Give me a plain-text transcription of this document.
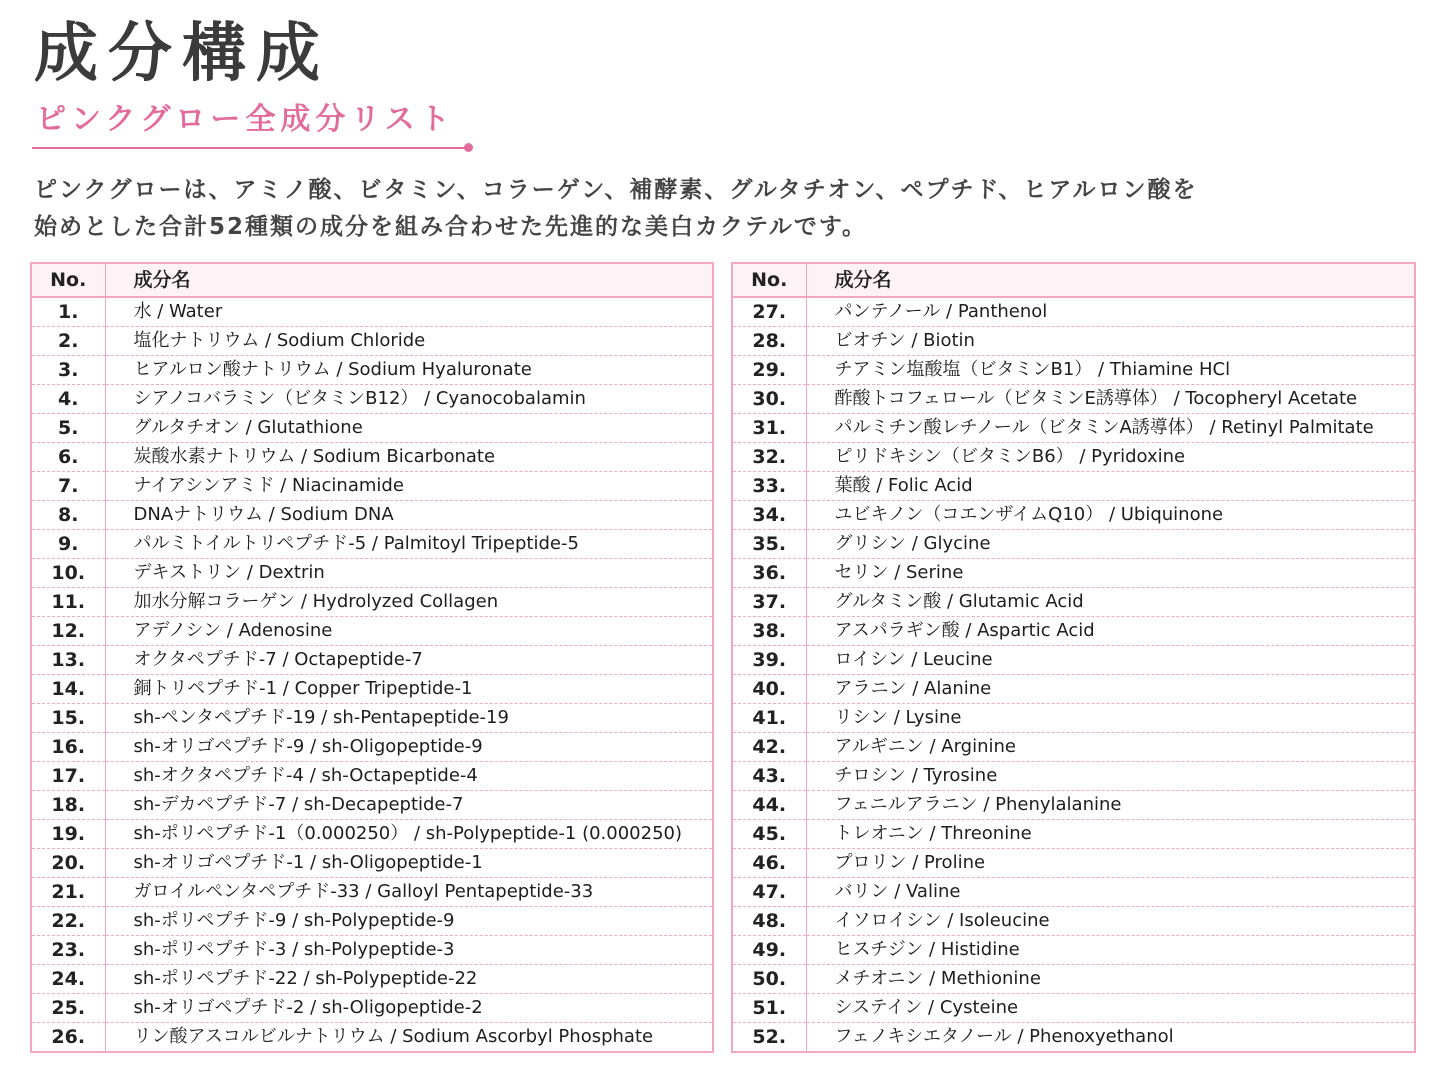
成分構成
ピンクグロー全成分リスト
ピンクグローは、アミノ酸、ビタミン、コラーゲン、補酵素、グルタチオン、ペプチド、ヒアルロン酸を
始めとした合計52種類の成分を組み合わせた先進的な美白カクテルです。
No.	成分名
1.	水 / Water
2.	塩化ナトリウム / Sodium Chloride
3.	ヒアルロン酸ナトリウム / Sodium Hyaluronate
4.	シアノコバラミン（ビタミンB12） / Cyanocobalamin
5.	グルタチオン / Glutathione
6.	炭酸水素ナトリウム / Sodium Bicarbonate
7.	ナイアシンアミド / Niacinamide
8.	DNAナトリウム / Sodium DNA
9.	パルミトイルトリペプチド-5 / Palmitoyl Tripeptide-5
10.	デキストリン / Dextrin
11.	加水分解コラーゲン / Hydrolyzed Collagen
12.	アデノシン / Adenosine
13.	オクタペプチド-7 / Octapeptide-7
14.	銅トリペプチド-1 / Copper Tripeptide-1
15.	sh-ペンタペプチド-19 / sh-Pentapeptide-19
16.	sh-オリゴペプチド-9 / sh-Oligopeptide-9
17.	sh-オクタペプチド-4 / sh-Octapeptide-4
18.	sh-デカペプチド-7 / sh-Decapeptide-7
19.	sh-ポリペプチド-1（0.000250） / sh-Polypeptide-1 (0.000250)
20.	sh-オリゴペプチド-1 / sh-Oligopeptide-1
21.	ガロイルペンタペプチド-33 / Galloyl Pentapeptide-33
22.	sh-ポリペプチド-9 / sh-Polypeptide-9
23.	sh-ポリペプチド-3 / sh-Polypeptide-3
24.	sh-ポリペプチド-22 / sh-Polypeptide-22
25.	sh-オリゴペプチド-2 / sh-Oligopeptide-2
26.	リン酸アスコルビルナトリウム / Sodium Ascorbyl Phosphate
No.	成分名
27.	パンテノール / Panthenol
28.	ビオチン / Biotin
29.	チアミン塩酸塩（ビタミンB1） / Thiamine HCl
30.	酢酸トコフェロール（ビタミンE誘導体） / Tocopheryl Acetate
31.	パルミチン酸レチノール（ビタミンA誘導体） / Retinyl Palmitate
32.	ピリドキシン（ビタミンB6） / Pyridoxine
33.	葉酸 / Folic Acid
34.	ユビキノン（コエンザイムQ10） / Ubiquinone
35.	グリシン / Glycine
36.	セリン / Serine
37.	グルタミン酸 / Glutamic Acid
38.	アスパラギン酸 / Aspartic Acid
39.	ロイシン / Leucine
40.	アラニン / Alanine
41.	リシン / Lysine
42.	アルギニン / Arginine
43.	チロシン / Tyrosine
44.	フェニルアラニン / Phenylalanine
45.	トレオニン / Threonine
46.	プロリン / Proline
47.	バリン / Valine
48.	イソロイシン / Isoleucine
49.	ヒスチジン / Histidine
50.	メチオニン / Methionine
51.	システイン / Cysteine
52.	フェノキシエタノール / Phenoxyethanol
